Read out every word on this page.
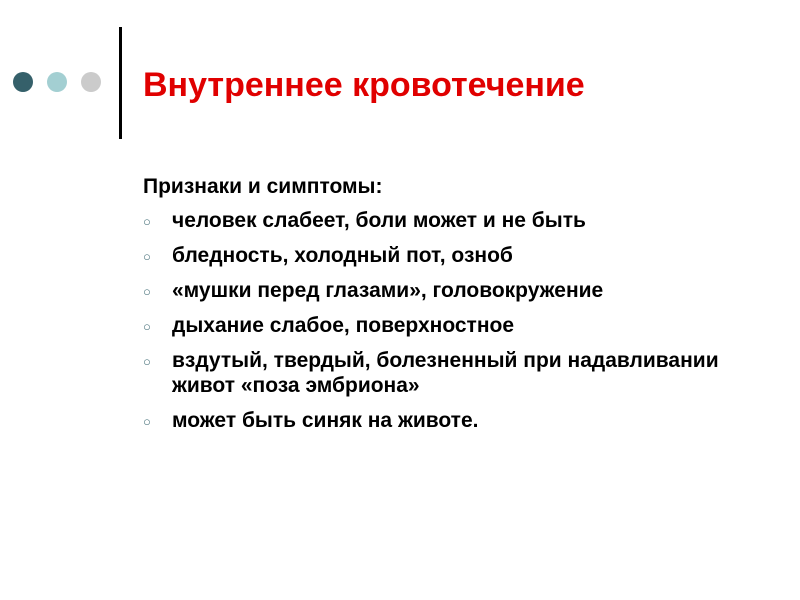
Внутреннее кровотечение
Признаки и симптомы:
○ человек слабеет, боли может и не быть
○ бледность, холодный пот, озноб
○ «мушки перед глазами», головокружение
○ дыхание слабое, поверхностное
○ вздутый, твердый, болезненный при надавливании живот «поза эмбриона»
○ может быть синяк на животе.
